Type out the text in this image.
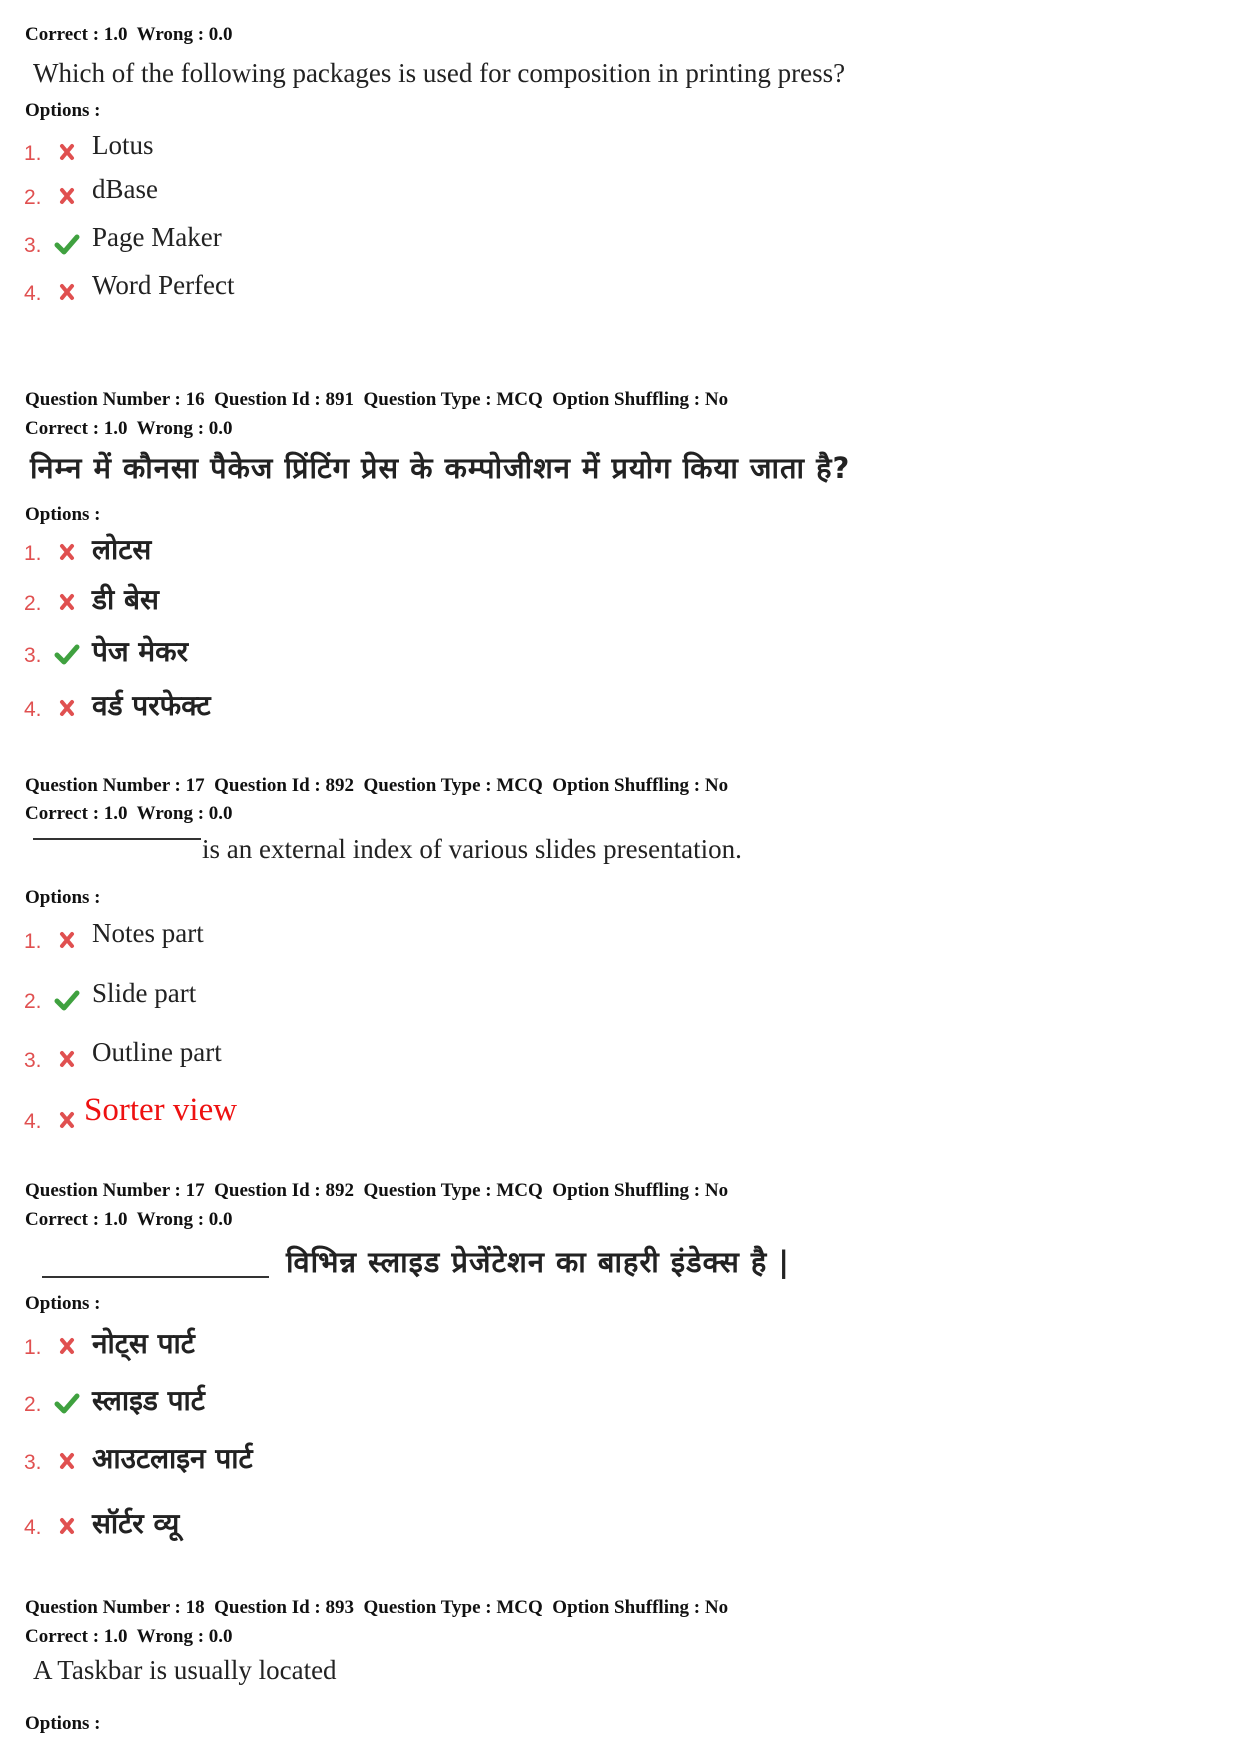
Correct : 1.0  Wrong : 0.0
Which of the following packages is used for composition in printing press?
Options :
1. Lotus
2. dBase
3. Page Maker
4. Word Perfect
Question Number : 16  Question Id : 891  Question Type : MCQ  Option Shuffling : No
Correct : 1.0  Wrong : 0.0
निम्न में कौनसा पैकेज प्रिंटिंग प्रेस के कम्पोजीशन में प्रयोग किया जाता है?
Options :
1. लोटस
2. डी बेस
3. पेज मेकर
4. वर्ड परफेक्ट
Question Number : 17  Question Id : 892  Question Type : MCQ  Option Shuffling : No
Correct : 1.0  Wrong : 0.0
is an external index of various slides presentation.
Options :
1. Notes part
2. Slide part
3. Outline part
4. Sorter view
Question Number : 17  Question Id : 892  Question Type : MCQ  Option Shuffling : No
Correct : 1.0  Wrong : 0.0
विभिन्न स्लाइड प्रेजेंटेशन का बाहरी इंडेक्स है |
Options :
1. नोट्स पार्ट
2. स्लाइड पार्ट
3. आउटलाइन पार्ट
4. सॉर्टर व्यू
Question Number : 18  Question Id : 893  Question Type : MCQ  Option Shuffling : No
Correct : 1.0  Wrong : 0.0
A Taskbar is usually located
Options :
